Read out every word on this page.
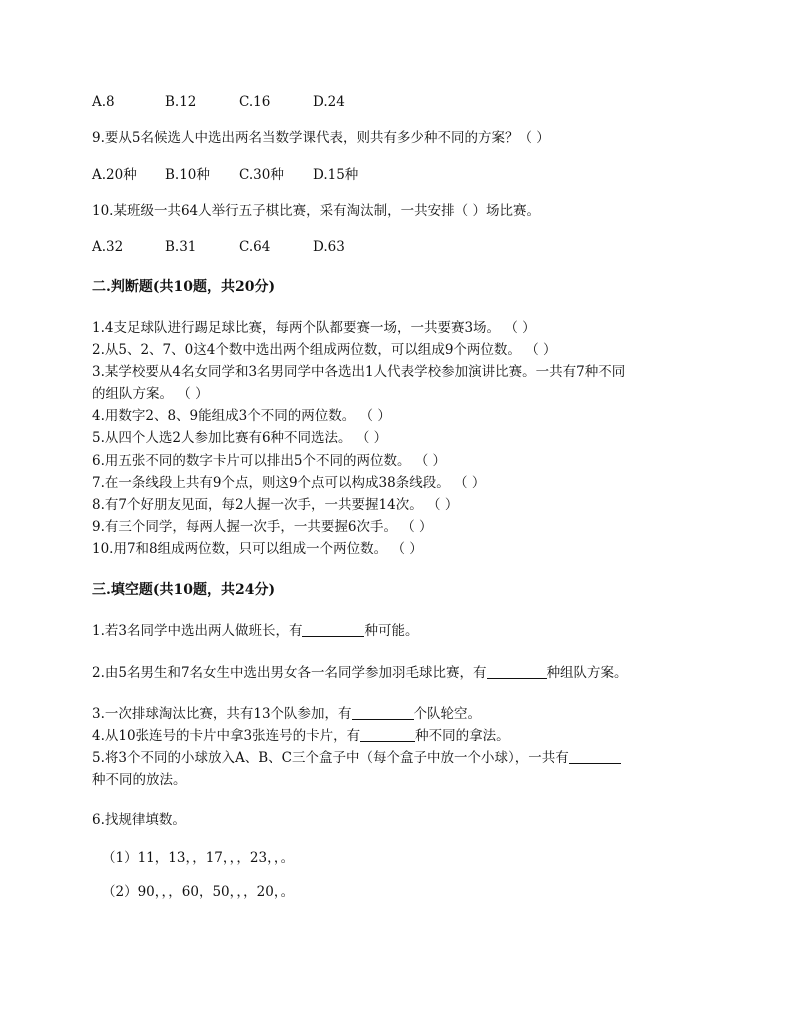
A.8	B.12	C.16	D.24
9.要从5名候选人中选出两名当数学课代表，则共有多少种不同的方案？（ ）
A.20种 B.10种 C.30种 D.15种
10.某班级一共64人举行五子棋比赛，采有淘汰制，一共安排（ ）场比赛。
A.32	B.31	C.64	D.63
二.判断题(共10题，共20分)
1.4支足球队进行踢足球比赛，每两个队都要赛一场，一共要赛3场。 （ ）
2.从5、2、7、0这4个数中选出两个组成两位数，可以组成9个两位数。 （ ）
3.某学校要从4名女同学和3名男同学中各选出1人代表学校参加演讲比赛。一共有7种不同
的组队方案。 （ ）
4.用数字2、8、9能组成3个不同的两位数。 （ ）
5.从四个人选2人参加比赛有6种不同选法。 （ ）
6.用五张不同的数字卡片可以排出5个不同的两位数。 （ ）
7.在一条线段上共有9个点，则这9个点可以构成38条线段。 （ ）
8.有7个好朋友见面，每2人握一次手，一共要握14次。 （ ）
9.有三个同学，每两人握一次手，一共要握6次手。 （ ）
10.用7和8组成两位数，只可以组成一个两位数。 （ ）
三.填空题(共10题，共24分)
1.若3名同学中选出两人做班长，有	种可能。
2.由5名男生和7名女生中选出男女各一名同学参加羽毛球比赛，有	种组队方案。
3.一次排球淘汰比赛，共有13个队参加，有	个队轮空。
4.从10张连号的卡片中拿3张连号的卡片，有	种不同的拿法。
5.将3个不同的小球放入A、B、C三个盒子中（每个盒子中放一个小球），一共有
种不同的放法。
6.找规律填数。
（1）11，13，，17，，，23，，。
（2）90，，，60，50，，，20，。
